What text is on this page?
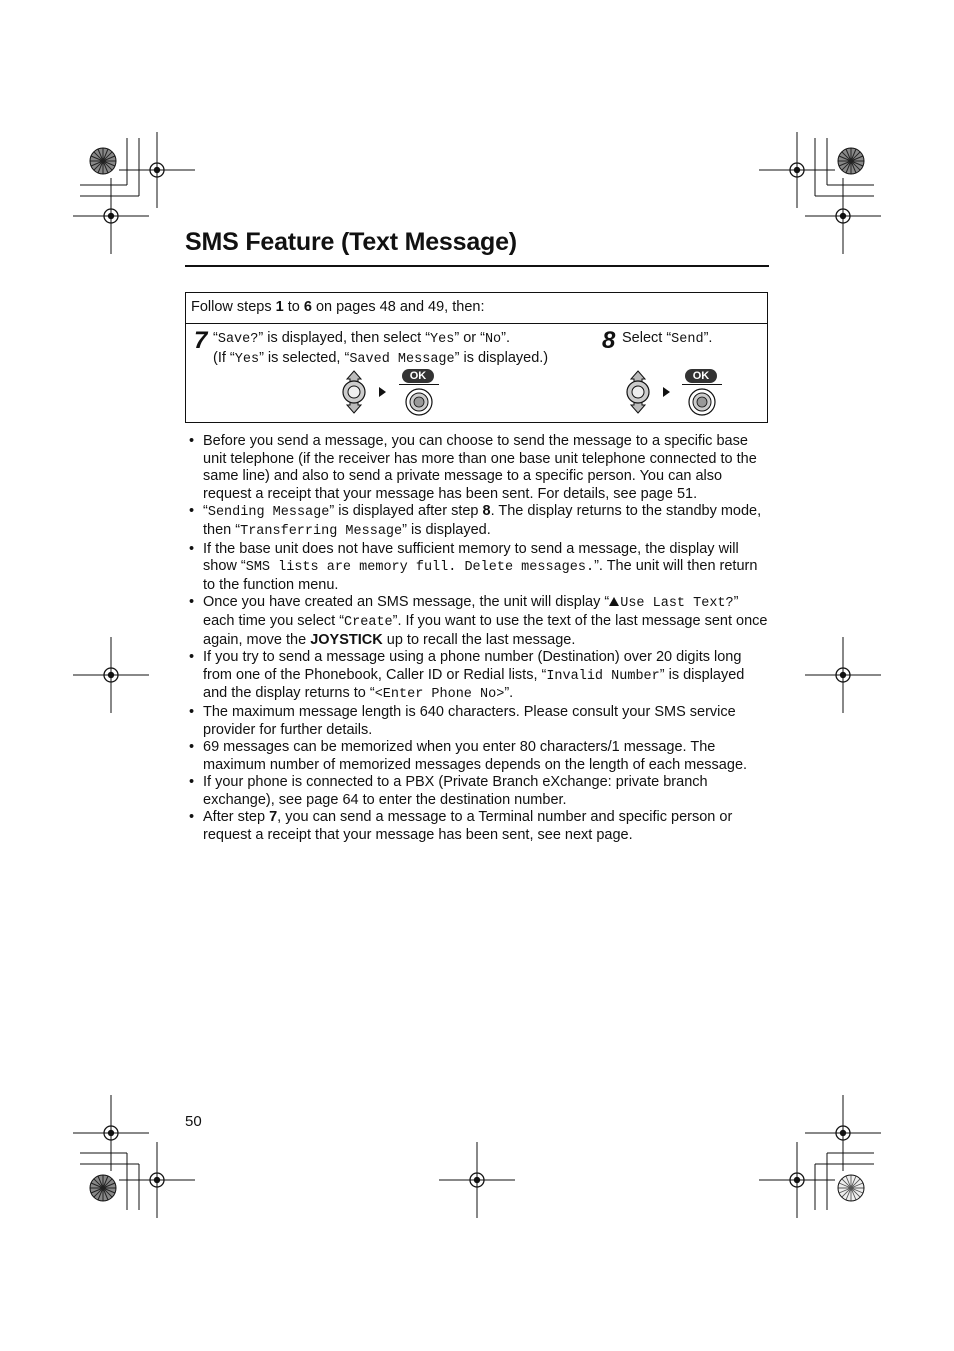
SMS Feature (Text Message)
Follow steps 1 to 6 on pages 48 and 49, then:
7 “Save?” is displayed, then select “Yes” or “No”.
(If “Yes” is selected, “Saved Message” is displayed.)
OK
8 Select “Send”.
OK
• Before you send a message, you can choose to send the message to a specific base unit telephone (if the receiver has more than one base unit telephone connected to the same line) and also to send a private message to a specific person. You can also request a receipt that your message has been sent. For details, see page 51.
• “Sending Message” is displayed after step 8. The display returns to the standby mode, then “Transferring Message” is displayed.
• If the base unit does not have sufficient memory to send a message, the display will show “SMS lists are memory full. Delete messages.”. The unit will then return to the function menu.
• Once you have created an SMS message, the unit will display “ Use Last Text?” each time you select “Create”. If you want to use the text of the last message sent once again, move the JOYSTICK up to recall the last message.
• If you try to send a message using a phone number (Destination) over 20 digits long from one of the Phonebook, Caller ID or Redial lists, “Invalid Number” is displayed and the display returns to “<Enter Phone No>”.
• The maximum message length is 640 characters. Please consult your SMS service provider for further details.
• 69 messages can be memorized when you enter 80 characters/1 message. The maximum number of memorized messages depends on the length of each message.
• If your phone is connected to a PBX (Private Branch eXchange: private branch exchange), see page 64 to enter the destination number.
• After step 7, you can send a message to a Terminal number and specific person or request a receipt that your message has been sent, see next page.
50
